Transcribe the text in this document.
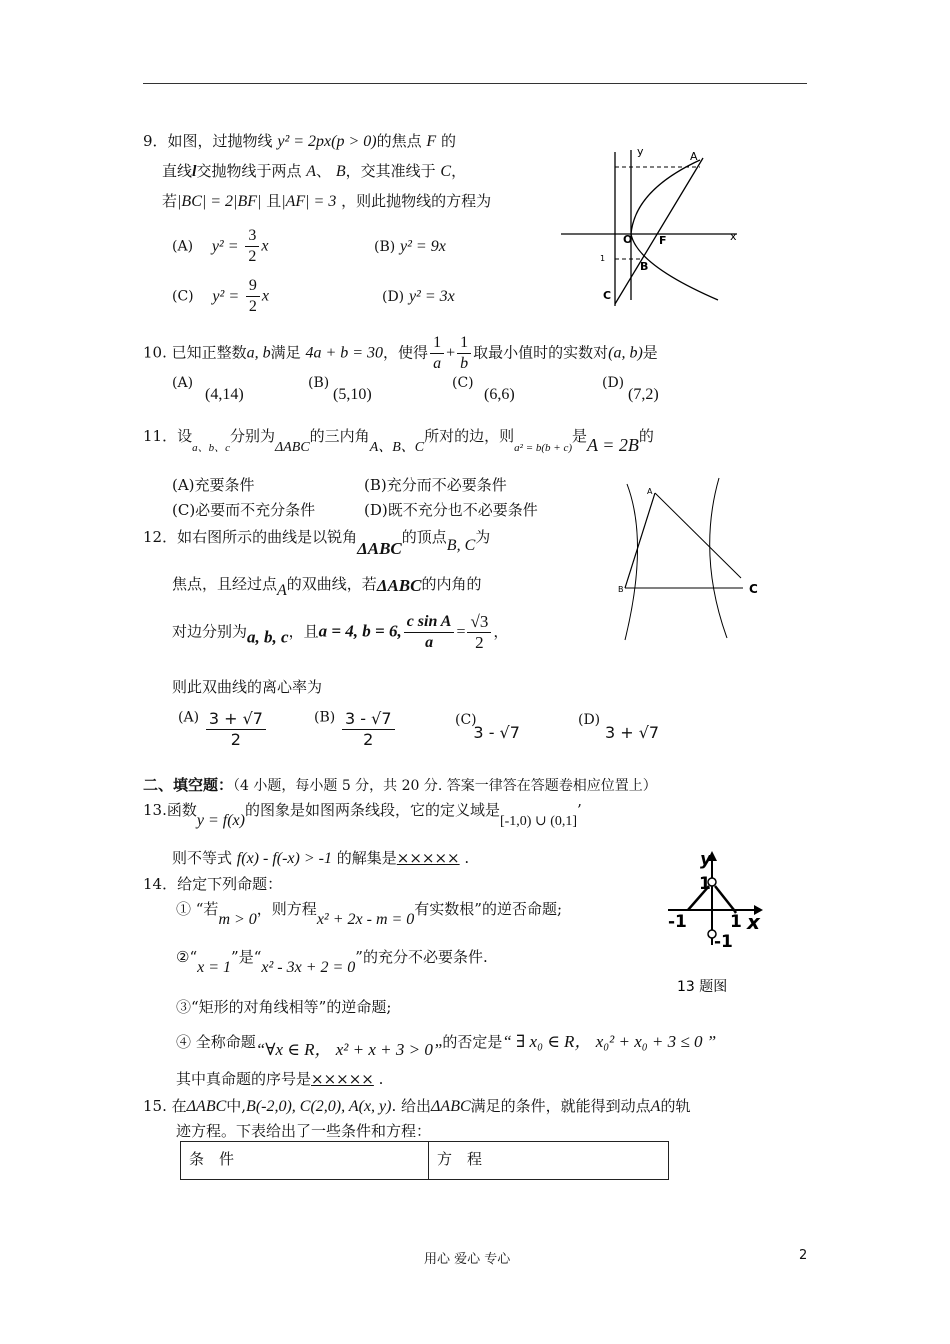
9．如图，过抛物线 y² = 2px(p > 0)的焦点 F 的
直线l交抛物线于两点 A、 B，交其准线于 C，
若|BC| = 2|BF| 且|AF| = 3 ，则此抛物线的方程为
(A) $y^2 = \frac{3}{2}$ x	(B) y² = 9x
(C) $y^2 = \frac{9}{2}$ x	(D) y² = 3x
y	A
O F	x
1
B
C
10. 已知正整数a, b满足 4a + b = 30，使得 $\frac{1}{a} + \frac{1}{b}$ 取最小值时的实数对(a, b)是
(A)
(4,14)
(B)
(5,10)
(C)
(6,6)
(D)
(7,2)
11．设$_{a、b、c}$分别为ΔABC的三内角A、B、C所对的边，则$_{a^2 = b(b + c)}$是A = 2B的
(A)充要条件	(B)充分而不必要条件
(C)必要而不充分条件	(D)既不充分也不必要条件
12．如右图所示的曲线是以锐角ΔABC的顶点B, C为
焦点，且经过点A的双曲线，若ΔABC的内角的
对边分别为a, b, c，且a = 4, b = 6, $\frac{\text{c sin A}}{a} = \frac{√3}{2}$ ，
则此双曲线的离心率为
$(A) \frac{3 + √7}{2}$	$(B) \frac{3 - √7}{2}$	(C) 3 - √7
(D) 3 + √7
A
B	C
二、填空题：（4 小题，每小题 5 分，共 20 分. 答案一律答在答题卷相应位置上）
13.函数y = f(x)的图象是如图两条线段，它的定义域是[-1,0) ∪ (0,1]’
则不等式 f(x) - f(-x) > -1 的解集是××××× .	y
1
-1	1 x
-1
13 题图
14．给定下列命题：
① “若m > 0，则方程x² + 2x - m = 0有实数根”的逆否命题;
②“x = 1”是“x² - 3x + 2 = 0”的充分不必要条件.
③“矩形的对角线相等”的逆命题;
④ 全称命题“∀x ∈ R， x² + x + 3 > 0”的否定是“ ∃ x₀ ∈ R， x₀² + x₀ + 3 ≤ 0 ”
其中真命题的序号是××××× .
15. 在ΔABC中,B(-2,0), C(2,0), A(x, y). 给出ΔABC满足的条件，就能得到动点A的轨
迹方程。下表给出了一些条件和方程：
条　件	方　程
用心 爱心 专心	2
